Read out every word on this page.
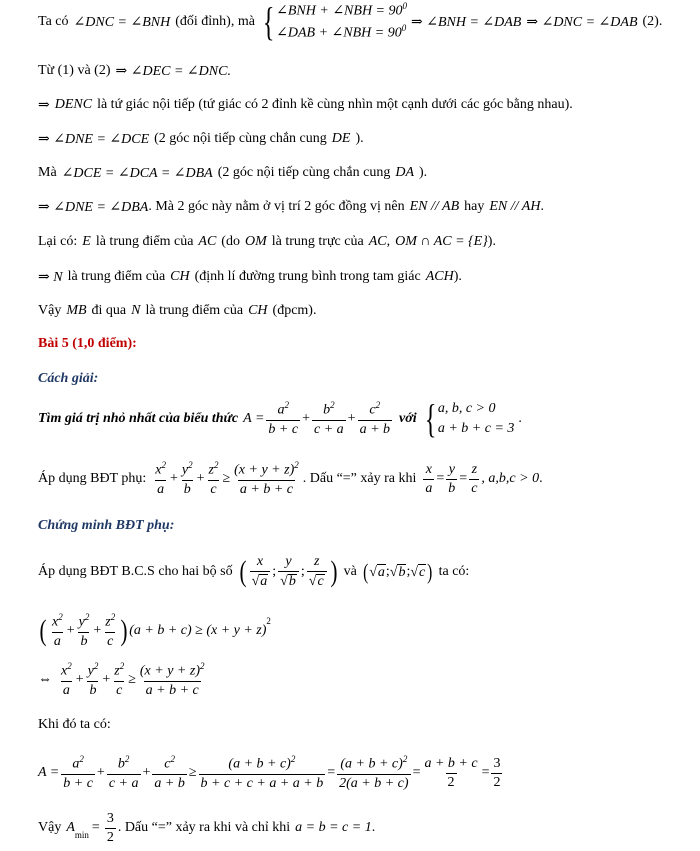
Ta có ∠DNC = ∠BNH (đối đỉnh), mà { ∠BNH + ∠NBH = $90^0$
∠DAB + ∠NBH = $90^0$ ⇒ ∠BNH = ∠DAB ⇒ ∠DNC = ∠DAB (2).
Từ (1) và (2) ⇒ ∠DEC = ∠DNC.
⇒ DENC là tứ giác nội tiếp (tứ giác có 2 đỉnh kề cùng nhìn một cạnh dưới các góc bằng nhau).
⇒ ∠DNE = ∠DCE (2 góc nội tiếp cùng chắn cung DE ).
Mà ∠DCE = ∠DCA = ∠DBA (2 góc nội tiếp cùng chắn cung DA ).
⇒ ∠DNE = ∠DBA . Mà 2 góc này nằm ở vị trí 2 góc đồng vị nên EN // AB hay EN // AH .
Lại có: E là trung điểm của AC (do OM là trung trực của AC , OM ∩ AC = {E} ).
⇒ N là trung điểm của CH (định lí đường trung bình trong tam giác ACH ).
Vậy MB đi qua N là trung điểm của CH (đpcm).
Bài 5 (1,0 điểm):
Cách giải:
Tìm giá trị nhỏ nhất của biểu thức $A = \frac{a^2}{b + c} + \frac{b^2}{c + a} + \frac{c^2}{a + b}$ với { a, b, c > 0
a + b + c = 3
.
Áp dụng BĐT phụ: $\frac{x^2}{a} + \frac{y^2}{b} + \frac{z^2}{c} \ge \frac{(x + y + z)^2}{a + b + c}$ . Dấu “=” xảy ra khi $\frac{x}{a} = \frac{y}{b} = \frac{z}{c}$ , a,b,c > 0 .
Chứng minh BĐT phụ:
Áp dụng BĐT B.C.S cho hai bộ số ( $\frac{x}{√ a}$ ; $\frac{y}{√ b}$ ; $\frac{z}{√ c}$ ) và ( √ a ; √ b ; √ c ) ta có:
( $\frac{x^2}{a} + \frac{y^2}{b} + \frac{z^2}{c}$ ) (a + b + c) ≥ (x + y + z)
$^2$
⇔ $\frac{x^2}{a} + \frac{y^2}{b} + \frac{z^2}{c} \ge \frac{(x + y + z)^2}{a + b + c}$
Khi đó ta có:
$A = \frac{a^2}{b + c} + \frac{b^2}{c + a} + \frac{c^2}{a + b} \ge \frac{(a + b + c)^2}{b + c + c + a + a + b} = \frac{(a + b + c)^2}{2(a + b + c)} = \frac{a + b + c}{2} = \frac{3}{2}$
Vậy $A_{min} = \frac{3}{2}$ . Dấu “=” xảy ra khi và chỉ khi a = b = c = 1 .
